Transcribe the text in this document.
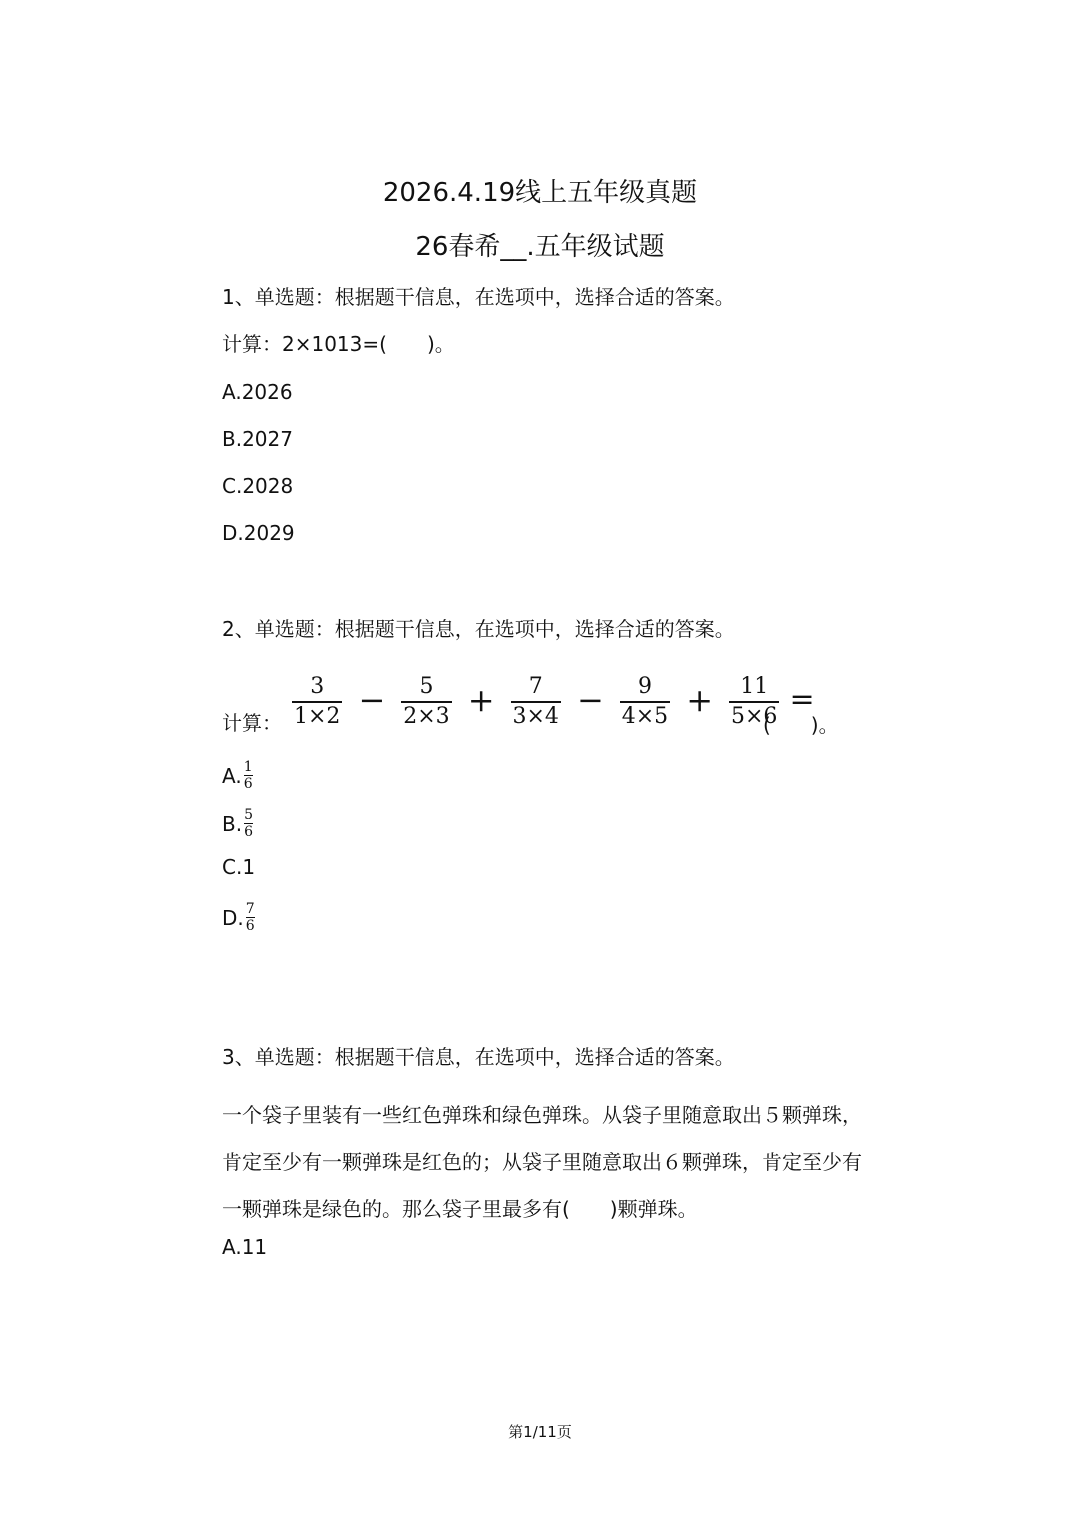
2026.4.19线上五年级真题
26春希__.五年级试题
1、单选题：根据题干信息，在选项中，选择合适的答案。
计算：2×1013=(　　)。
A.2026
B.2027
C.2028
D.2029
2、单选题：根据题干信息，在选项中，选择合适的答案。
计算： $\frac{3}{1\times 2} - \frac{5}{2\times 3} + \frac{7}{3\times 4} - \frac{9}{4\times 5} + \frac{11}{5\times 6}$ =
(　　)。
A. $\frac{1}{6}$
B. $\frac{5}{6}$
C.1
D. $\frac{7}{6}$
3、单选题：根据题干信息，在选项中，选择合适的答案。
一个袋子里装有一些红色弹珠和绿色弹珠。从袋子里随意取出５颗弹珠，肯定至少有一颗弹珠是红色的；从袋子里随意取出６颗弹珠，肯定至少有一颗弹珠是绿色的。那么袋子里最多有(　　)颗弹珠。
A.11
第1/11页
